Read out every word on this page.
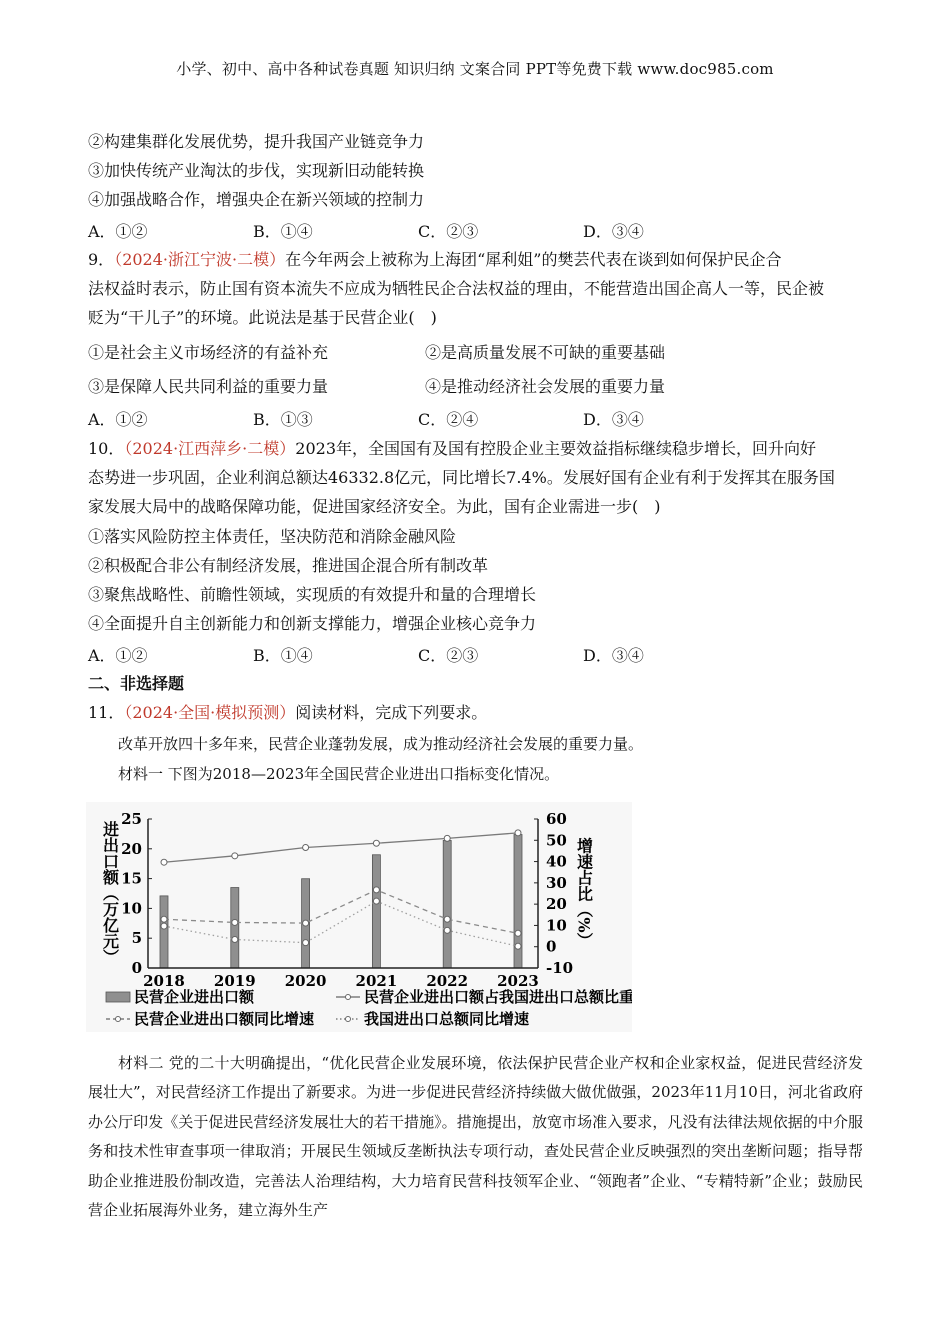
小学、初中、高中各种试卷真题 知识归纳 文案合同 PPT等免费下载 www.doc985.com
②构建集群化发展优势，提升我国产业链竞争力
③加快传统产业淘汰的步伐，实现新旧动能转换
④加强战略合作，增强央企在新兴领域的控制力
A．①②	B．①④	C．②③	D．③④
9．（2024·浙江宁波·二模）在今年两会上被称为上海团“犀利姐”的樊芸代表在谈到如何保护民企合
法权益时表示，防止国有资本流失不应成为牺牲民企合法权益的理由，不能营造出国企高人一等，民企被
贬为“干儿子”的环境。此说法是基于民营企业(　)
①是社会主义市场经济的有益补充	②是高质量发展不可缺的重要基础
③是保障人民共同利益的重要力量	④是推动经济社会发展的重要力量
A．①②	B．①③	C．②④	D．③④
10．（2024·江西萍乡·二模）2023年，全国国有及国有控股企业主要效益指标继续稳步增长，回升向好
态势进一步巩固，企业利润总额达46332.8亿元，同比增长7.4%。发展好国有企业有利于发挥其在服务国
家发展大局中的战略保障功能，促进国家经济安全。为此，国有企业需进一步(　)
①落实风险防控主体责任，坚决防范和消除金融风险
②积极配合非公有制经济发展，推进国企混合所有制改革
③聚焦战略性、前瞻性领域，实现质的有效提升和量的合理增长
④全面提升自主创新能力和创新支撑能力，增强企业核心竞争力
A．①②	B．①④	C．②③	D．③④
二、非选择题
11．（2024·全国·模拟预测）阅读材料，完成下列要求。
改革开放四十多年来，民营企业蓬勃发展，成为推动经济社会发展的重要力量。
材料一 下图为2018—2023年全国民营企业进出口指标变化情况。
0
5
10
15
20
25
-10
0
10
20
30
40
50
60
2018 2019 2020 2021 2022 2023
进出口额（万亿元）	增速占比（%）
民营企业进出口额	民营企业进出口额占我国进出口总额比重
民营企业进出口额同比增速	我国进出口总额同比增速
材料二 党的二十大明确提出，“优化民营企业发展环境，依法保护民营企业产权和企业家权益，促进民营经济发展壮大”，对民营经济工作提出了新要求。为进一步促进民营经济持续做大做优做强，2023年11月10日，河北省政府办公厅印发《关于促进民营经济发展壮大的若干措施》。措施提出，放宽市场准入要求，凡没有法律法规依据的中介服务和技术性审查事项一律取消；开展民生领域反垄断执法专项行动，查处民营企业反映强烈的突出垄断问题；指导帮助企业推进股份制改造，完善法人治理结构，大力培育民营科技领军企业、“领跑者”企业、“专精特新”企业；鼓励民营企业拓展海外业务，建立海外生产
